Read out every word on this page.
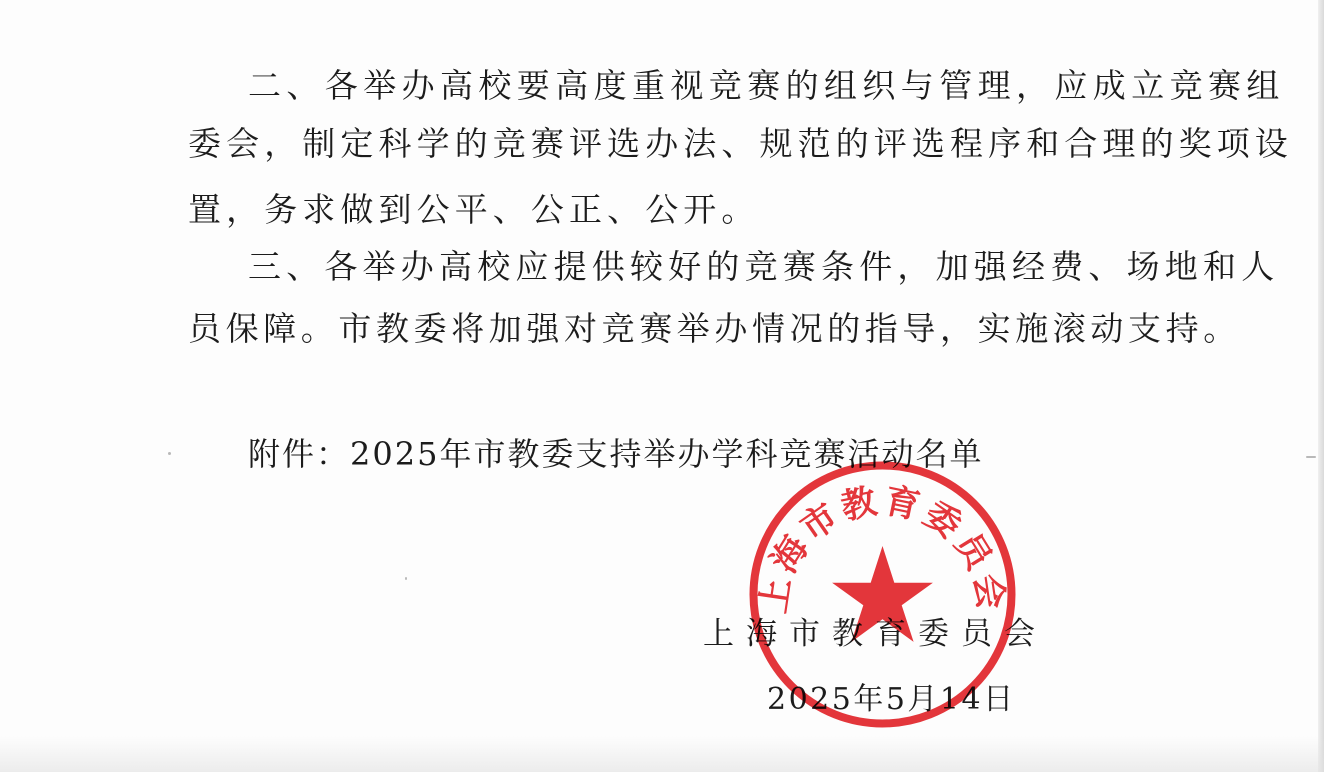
二、各举办高校要高度重视竞赛的组织与管理，应成立竞赛组
委会，制定科学的竞赛评选办法、规范的评选程序和合理的奖项设
置，务求做到公平、公正、公开。
三、各举办高校应提供较好的竞赛条件，加强经费、场地和人
员保障。市教委将加强对竞赛举办情况的指导，实施滚动支持。
附件：2025年市教委支持举办学科竞赛活动名单
上海市教育委员会
2025年5月14日
上海市教育委员会
